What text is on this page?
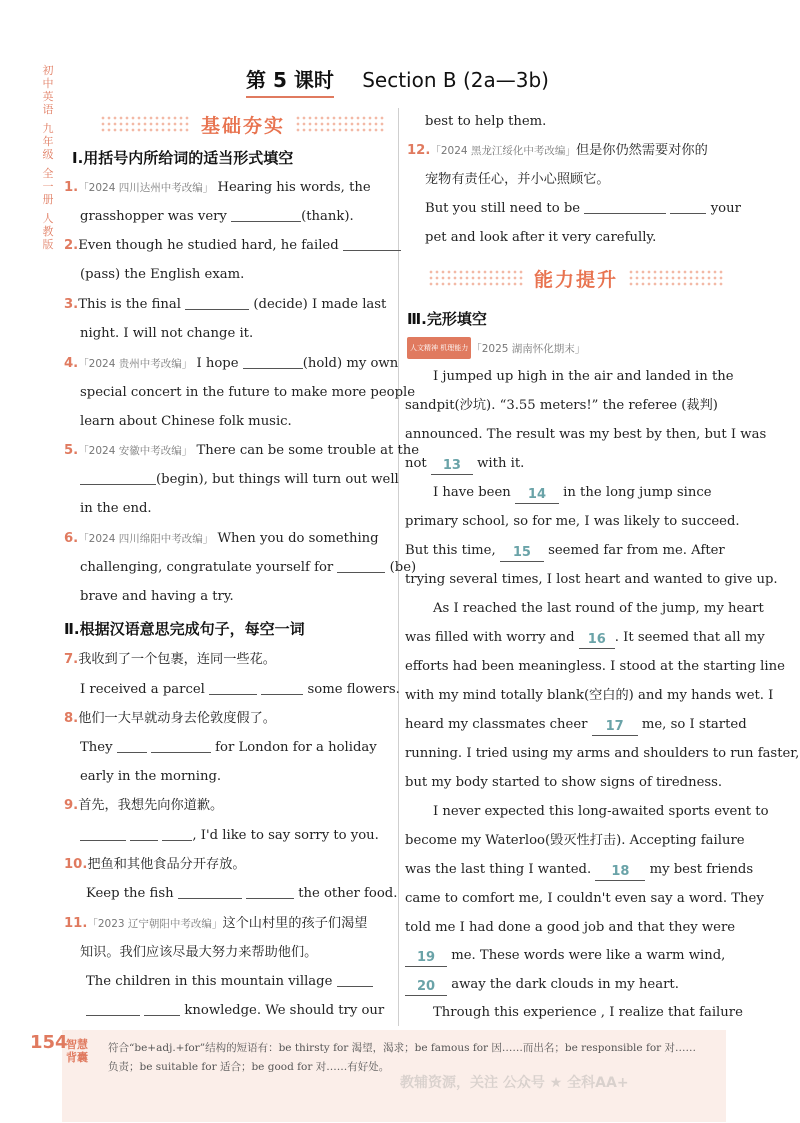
初中英语
九年级
全一册
人教版
第 5 课时 Section B (2a—3b)
基础夯实
Ⅰ.用括号内所给词的适当形式填空
1.「2024 四川达州中考改编」 Hearing his words, the
grasshopper was very	(thank).
2.Even though he studied hard, he failed
(pass) the English exam.
3.This is the final	(decide) I made last
night. I will not change it.
4.「2024 贵州中考改编」 I hope	(hold) my own
special concert in the future to make more people
learn about Chinese folk music.
5.「2024 安徽中考改编」 There can be some trouble at the
(begin), but things will turn out well
in the end.
6.「2024 四川绵阳中考改编」 When you do something
challenging, congratulate yourself for	(be)
brave and having a try.
Ⅱ.根据汉语意思完成句子，每空一词
7.我收到了一个包裹，连同一些花。
I received a parcel	some flowers.
8.他们一大早就动身去伦敦度假了。
They	for London for a holiday
early in the morning.
9.首先，我想先向你道歉。
, I'd like to say sorry to you.
10.把鱼和其他食品分开存放。
Keep the fish	the other food.
11.「2023 辽宁朝阳中考改编」这个山村里的孩子们渴望
知识。我们应该尽最大努力来帮助他们。
The children in this mountain village
knowledge. We should try our
best to help them.
12.「2024 黑龙江绥化中考改编」但是你仍然需要对你的
宠物有责任心，并小心照顾它。
But you still need to be	your
pet and look after it very carefully.
能力提升
Ⅲ.完形填空
人文精神 机理能力 「2025 湖南怀化期末」
I jumped up high in the air and landed in the
sandpit(沙坑). “3.55 meters!” the referee (裁判)
announced. The result was my best by then, but I was
not 13 with it.
I have been 14 in the long jump since
primary school, so for me, I was likely to succeed.
But this time, 15 seemed far from me. After
trying several times, I lost heart and wanted to give up.
As I reached the last round of the jump, my heart
was filled with worry and 16 . It seemed that all my
efforts had been meaningless. I stood at the starting line
with my mind totally blank(空白的) and my hands wet. I
heard my classmates cheer 17 me, so I started
running. I tried using my arms and shoulders to run faster,
but my body started to show signs of tiredness.
I never expected this long-awaited sports event to
become my Waterloo(毁灭性打击). Accepting failure
was the last thing I wanted. 18 my best friends
came to comfort me, I couldn't even say a word. They
told me I had done a good job and that they were
19 me. These words were like a warm wind,
20 away the dark clouds in my heart.
Through this experience , I realize that failure
154
智慧背囊
符合“be+adj.+for”结构的短语有：be thirsty for 渴望，渴求；be famous for 因……而出名；be responsible for 对……
负责；be suitable for 适合；be good for 对……有好处。
教辅资源，关注 公众号 ★ 全科AA+
